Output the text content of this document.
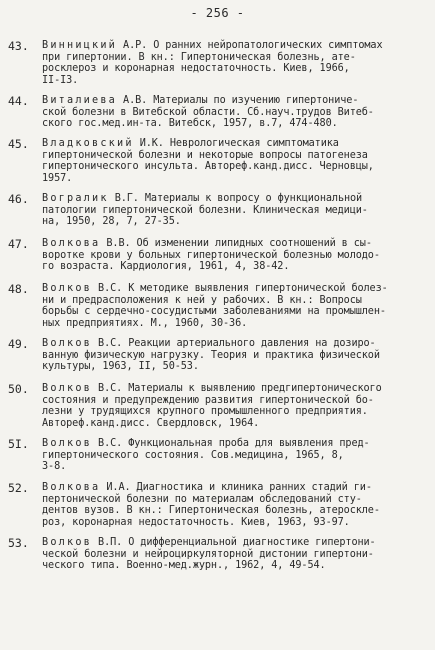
- 256 -
43.	Винницкий А.Р. О ранних нейропатологических симптомах
при гипертонии. В кн.: Гипертоническая болезнь, ате-
росклероз и коронарная недостаточность. Киев, 1966,
II-I3.
44.	Виталиева А.В. Материалы по изучению гипертониче-
ской болезни в Витебской области. Сб.науч.трудов Витеб-
ского гос.мед.ин-та. Витебск, 1957, в.7, 474-480.
45.	Владковский И.К. Неврологическая симптоматика
гипертонической болезни и некоторые вопросы патогенеза
гипертонического инсульта. Автореф.канд.дисс. Черновцы,
1957.
46.	Вогралик В.Г. Материалы к вопросу о функциональной
патологии гипертонической болезни. Клиническая медици-
на, 1950, 28, 7, 27-35.
47.	Волкова В.В. Об изменении липидных соотношений в сы-
воротке крови у больных гипертонической болезнью молодо-
го возраста. Кардиология, 1961, 4, 38-42.
48.	Волков В.С. К методике выявления гипертонической болез-
ни и предрасположения к ней у рабочих. В кн.: Вопросы
борьбы с сердечно-сосудистыми заболеваниями на промышлен-
ных предприятиях. М., 1960, 30-36.
49.	Волков В.С. Реакции артериального давления на дозиро-
ванную физическую нагрузку. Теория и практика физической
культуры, 1963, II, 50-53.
50.	Волков В.С. Материалы к выявлению предгипертонического
состояния и предупреждению развития гипертонической бо-
лезни у трудящихся крупного промышленного предприятия.
Автореф.канд.дисс. Свердловск, 1964.
5I.	Волков В.С. Функциональная проба для выявления пред-
гипертонического состояния. Сов.медицина, 1965, 8,
3-8.
52.	Волкова И.А. Диагностика и клиника ранних стадий ги-
пертонической болезни по материалам обследований сту-
дентов вузов. В кн.: Гипертоническая болезнь, атероскле-
роз, коронарная недостаточность. Киев, 1963, 93-97.
53.	Волков В.П. О дифференциальной диагностике гипертони-
ческой болезни и нейроциркуляторной дистонии гипертони-
ческого типа. Военно-мед.журн., 1962, 4, 49-54.
